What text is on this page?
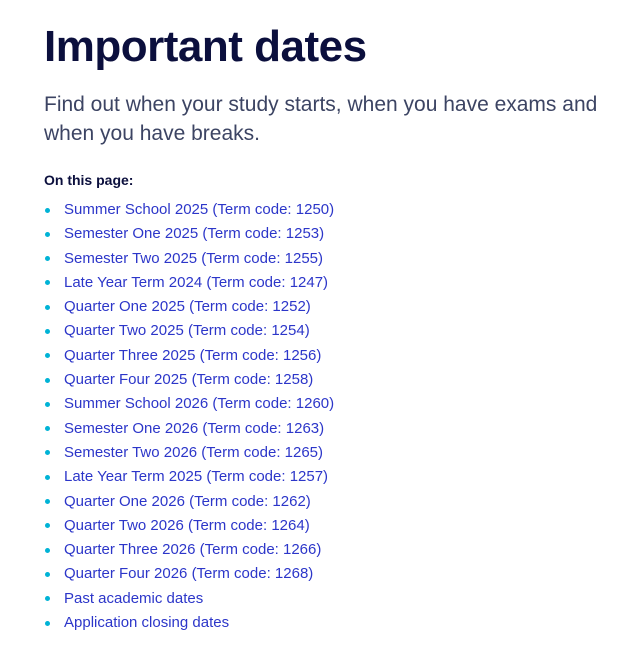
Important dates

Find out when your study starts, when you have exams and when you have breaks.

On this page:
Summer School 2025 (Term code: 1250)
Semester One 2025 (Term code: 1253)
Semester Two 2025 (Term code: 1255)
Late Year Term 2024 (Term code: 1247)
Quarter One 2025 (Term code: 1252)
Quarter Two 2025 (Term code: 1254)
Quarter Three 2025 (Term code: 1256)
Quarter Four 2025 (Term code: 1258)
Summer School 2026 (Term code: 1260)
Semester One 2026 (Term code: 1263)
Semester Two 2026 (Term code: 1265)
Late Year Term 2025 (Term code: 1257)
Quarter One 2026 (Term code: 1262)
Quarter Two 2026 (Term code: 1264)
Quarter Three 2026 (Term code: 1266)
Quarter Four 2026 (Term code: 1268)
Past academic dates
Application closing dates
